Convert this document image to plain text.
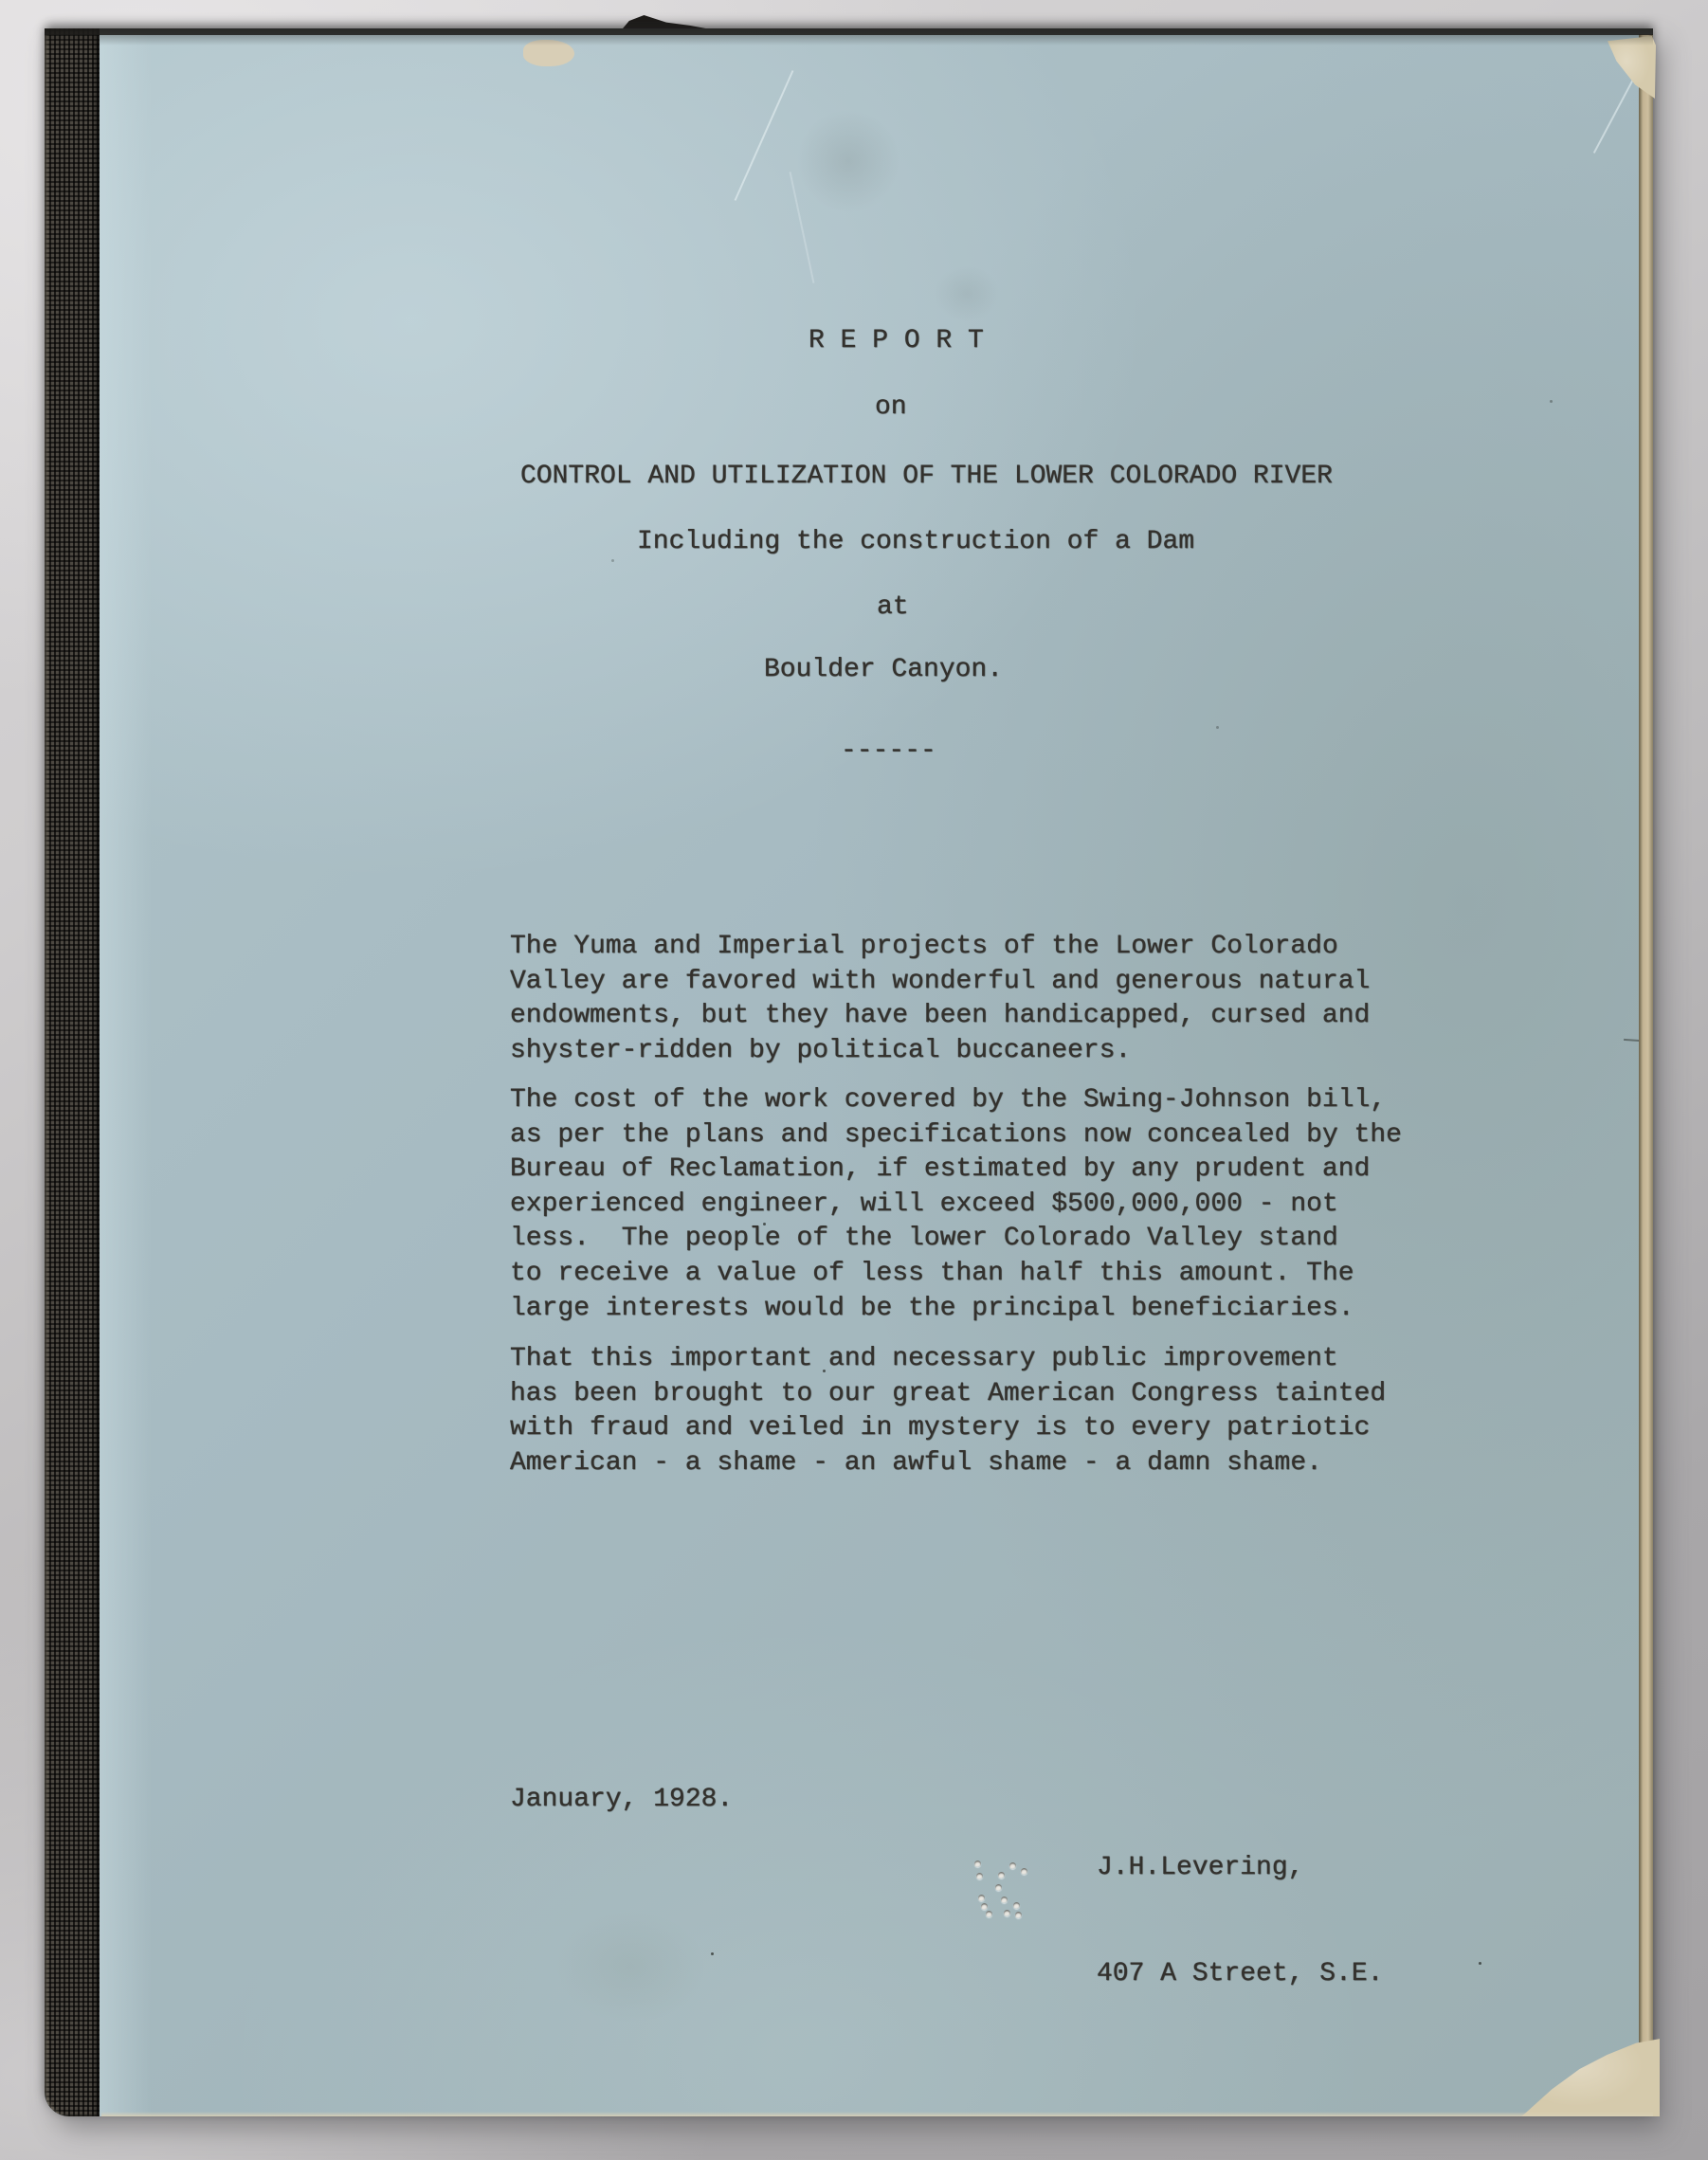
R E P O R T
on
CONTROL AND UTILIZATION OF THE LOWER COLORADO RIVER
Including the construction of a Dam
at
Boulder Canyon.
------
The Yuma and Imperial projects of the Lower Colorado
Valley are favored with wonderful and generous natural
endowments, but they have been handicapped, cursed and
shyster-ridden by political buccaneers.
The cost of the work covered by the Swing-Johnson bill,
as per the plans and specifications now concealed by the
Bureau of Reclamation, if estimated by any prudent and
experienced engineer, will exceed $500,000,000 - not
less.  The people of the lower Colorado Valley stand
to receive a value of less than half this amount. The
large interests would be the principal beneficiaries.
That this important and necessary public improvement
has been brought to our great American Congress tainted
with fraud and veiled in mystery is to every patriotic
American - a shame - an awful shame - a damn shame.
January, 1928.

J.H.Levering,

407 A Street, S.E.
